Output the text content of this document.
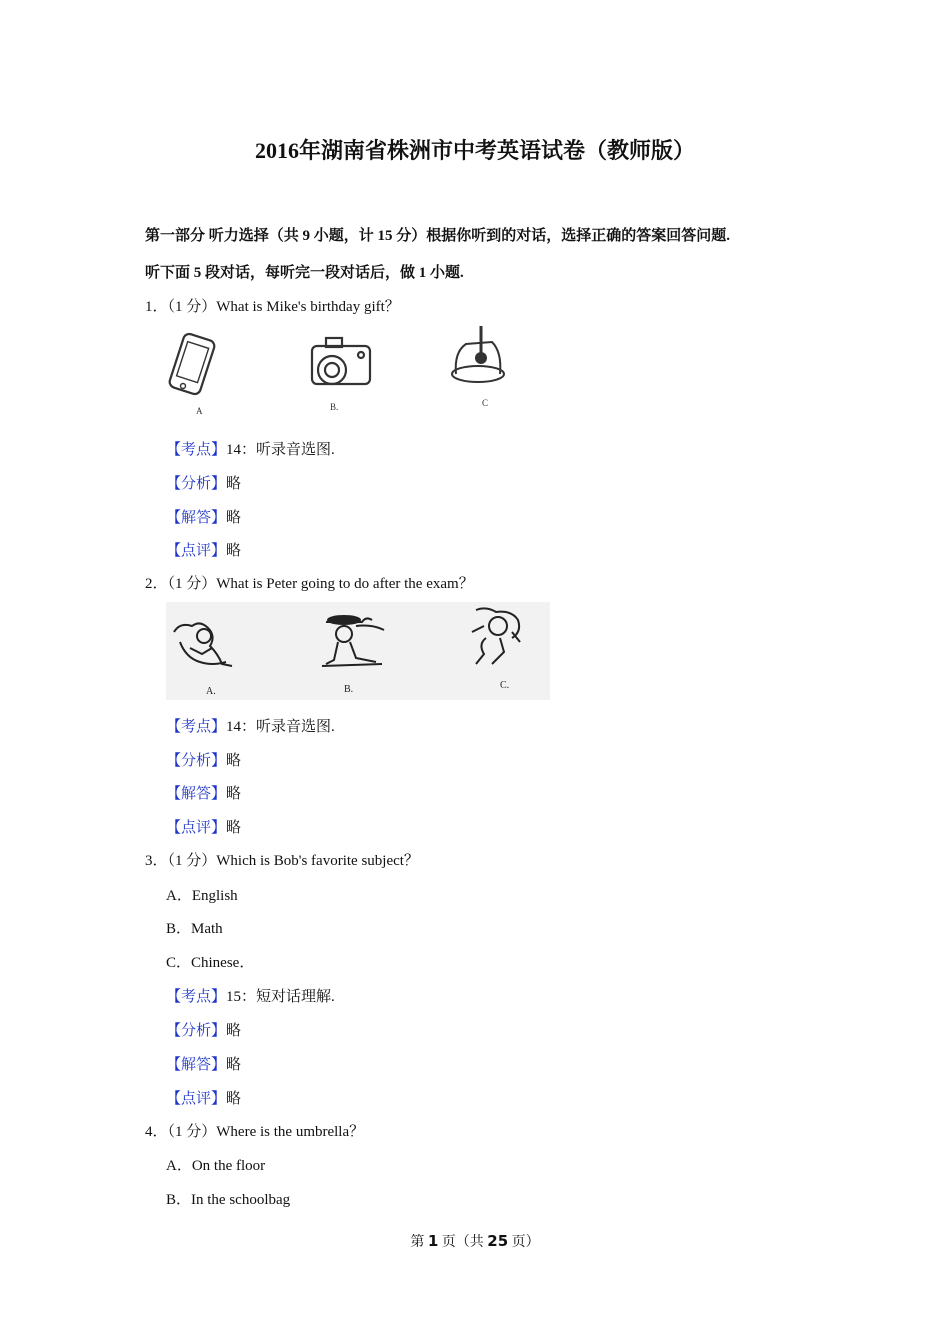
2016年湖南省株洲市中考英语试卷（教师版）
第一部分 听力选择（共 9 小题，计 15 分）根据你听到的对话，选择正确的答案回答问题.
听下面 5 段对话，每听完一段对话后，做 1 小题.
1．（1 分）What is Mike's birthday gift？
A	B.	C
【考点】14：听录音选图.
【分析】略
【解答】略
【点评】略
2．（1 分）What is Peter going to do after the exam？
A.	B.	C.
【考点】14：听录音选图.
【分析】略
【解答】略
【点评】略
3．（1 分）Which is Bob's favorite subject？
A．English
B．Math
C．Chinese．
【考点】15：短对话理解.
【分析】略
【解答】略
【点评】略
4．（1 分）Where is the umbrella？
A．On the floor
B．In the schoolbag
第 1 页（共 25 页）
